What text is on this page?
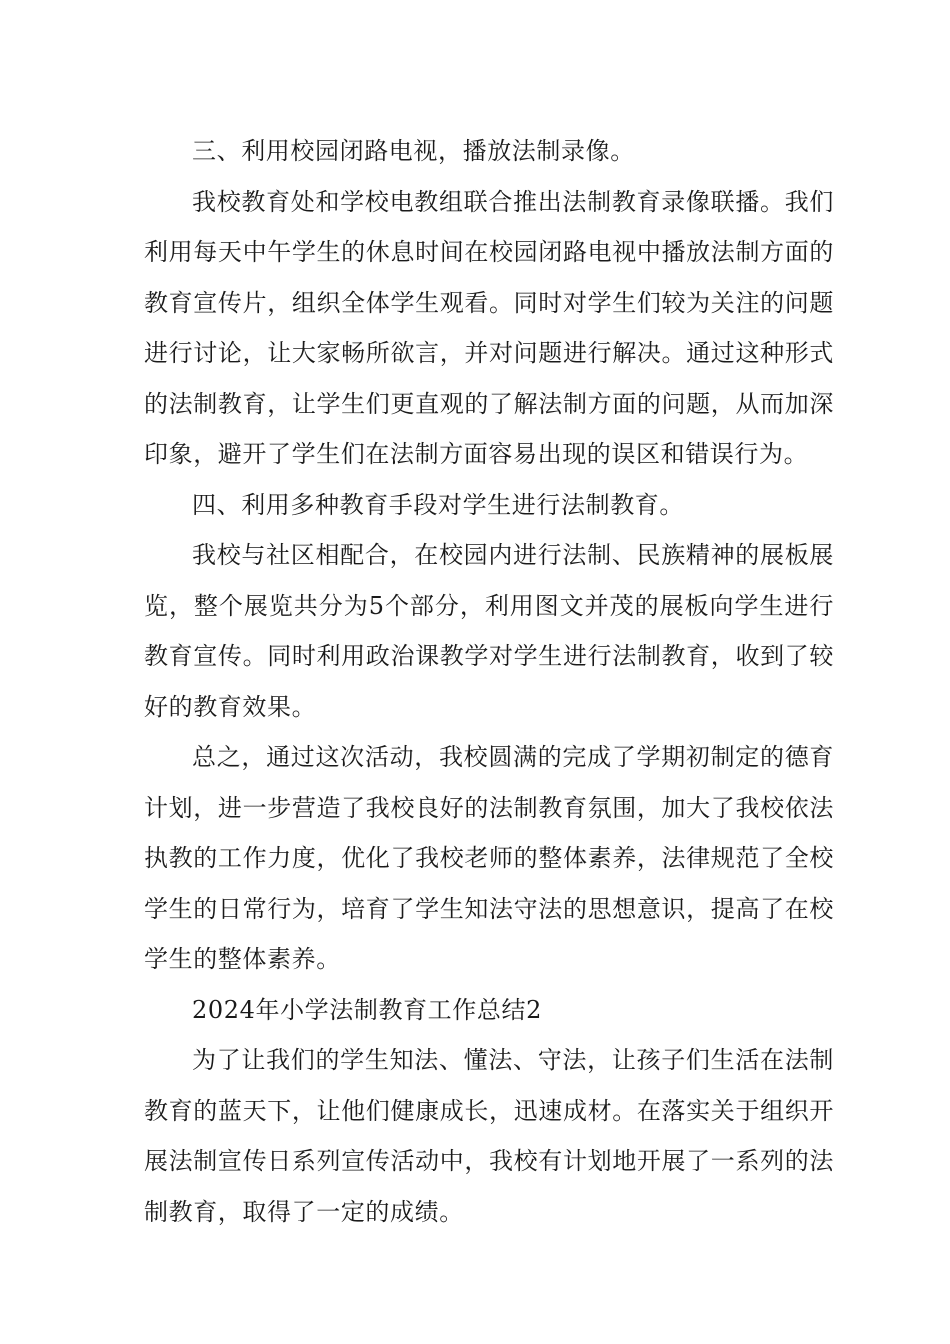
三、利用校园闭路电视，播放法制录像。

我校教育处和学校电教组联合推出法制教育录像联播。我们利用每天中午学生的休息时间在校园闭路电视中播放法制方面的教育宣传片，组织全体学生观看。同时对学生们较为关注的问题进行讨论，让大家畅所欲言，并对问题进行解决。通过这种形式的法制教育，让学生们更直观的了解法制方面的问题，从而加深印象，避开了学生们在法制方面容易出现的误区和错误行为。

四、利用多种教育手段对学生进行法制教育。

我校与社区相配合，在校园内进行法制、民族精神的展板展览，整个展览共分为5个部分，利用图文并茂的展板向学生进行教育宣传。同时利用政治课教学对学生进行法制教育，收到了较好的教育效果。

总之，通过这次活动，我校圆满的完成了学期初制定的德育计划，进一步营造了我校良好的法制教育氛围，加大了我校依法执教的工作力度，优化了我校老师的整体素养，法律规范了全校学生的日常行为，培育了学生知法守法的思想意识，提高了在校学生的整体素养。

2024年小学法制教育工作总结2

为了让我们的学生知法、懂法、守法，让孩子们生活在法制教育的蓝天下，让他们健康成长，迅速成材。在落实关于组织开展法制宣传日系列宣传活动中，我校有计划地开展了一系列的法制教育，取得了一定的成绩。
